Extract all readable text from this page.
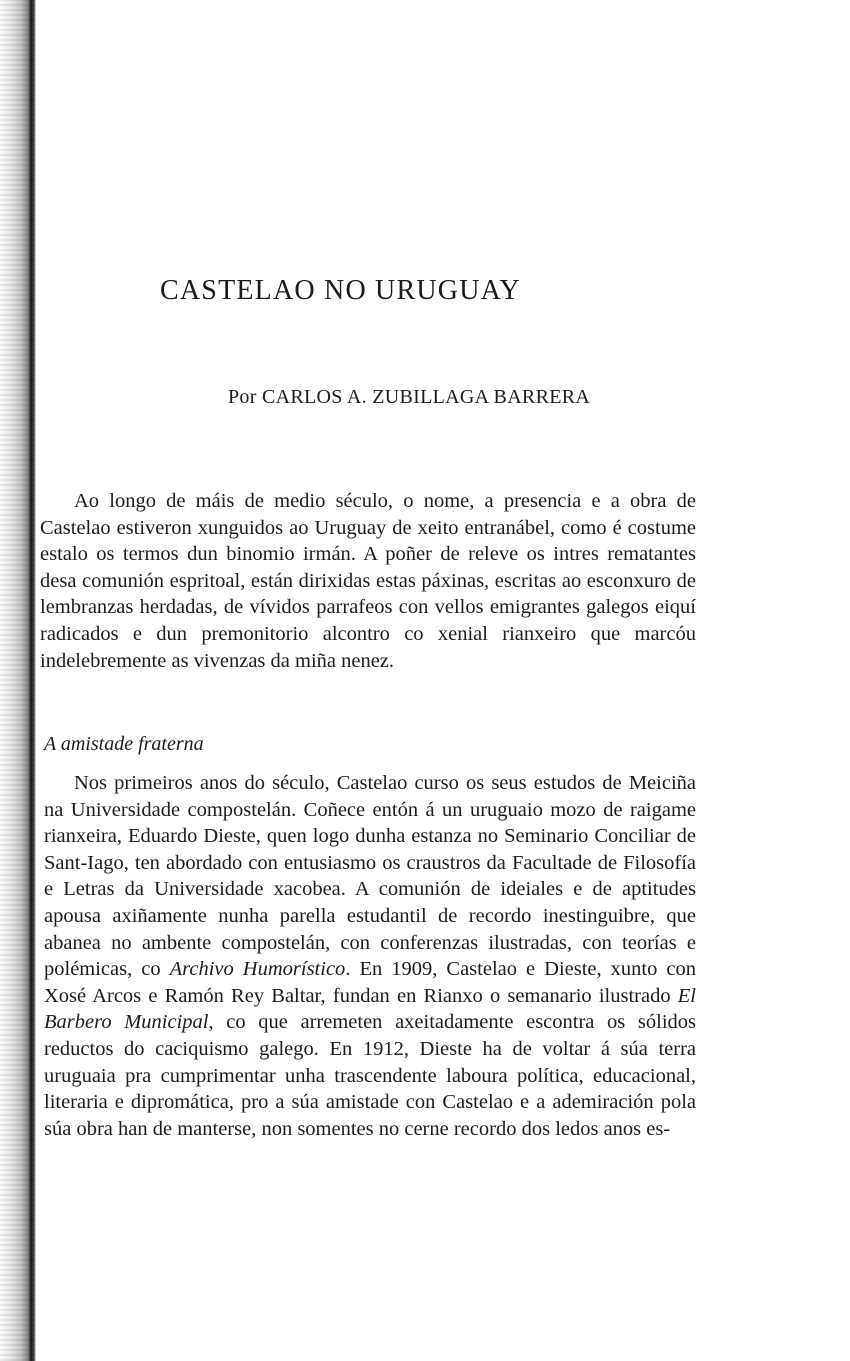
CASTELAO NO URUGUAY
Por CARLOS A. ZUBILLAGA BARRERA

Ao longo de máis de medio século, o nome, a presencia e a obra de Castelao estiveron xunguidos ao Uruguay de xeito entranábel, como é costume estalo os termos dun binomio irmán. A poñer de releve os intres rematantes desa comunión espritoal, están dirixidas estas páxinas, escritas ao esconxuro de lembranzas herdadas, de vívidos parrafeos con vellos emigrantes galegos eiquí radicados e dun premonitorio alcontro co xenial rianxeiro que marcóu indelebremente as vivenzas da miña nenez.

A amistade fraterna

Nos primeiros anos do século, Castelao curso os seus estudos de Meiciña na Universidade compostelán. Coñece entón á un uruguaio mozo de raigame rianxeira, Eduardo Dieste, quen logo dunha estanza no Seminario Conciliar de Sant-Iago, ten abordado con entusiasmo os craustros da Facultade de Filosofía e Letras da Universidade xacobea. A comunión de ideiales e de aptitudes apousa axiñamente nunha parella estudantil de recordo inestinguibre, que abanea no ambente compostelán, con conferenzas ilustradas, con teorías e polémicas, co Archivo Humorístico. En 1909, Castelao e Dieste, xunto con Xosé Arcos e Ramón Rey Baltar, fundan en Rianxo o semanario ilustrado El Barbero Municipal, co que arremeten axeitadamente escontra os sólidos reductos do caciquismo galego. En 1912, Dieste ha de voltar á súa terra uruguaia pra cumprimentar unha trascendente laboura política, educacional, literaria e dipromática, pro a súa amistade con Castelao e a ademiración pola súa obra han de manterse, non somentes no cerne recordo dos ledos anos es-
